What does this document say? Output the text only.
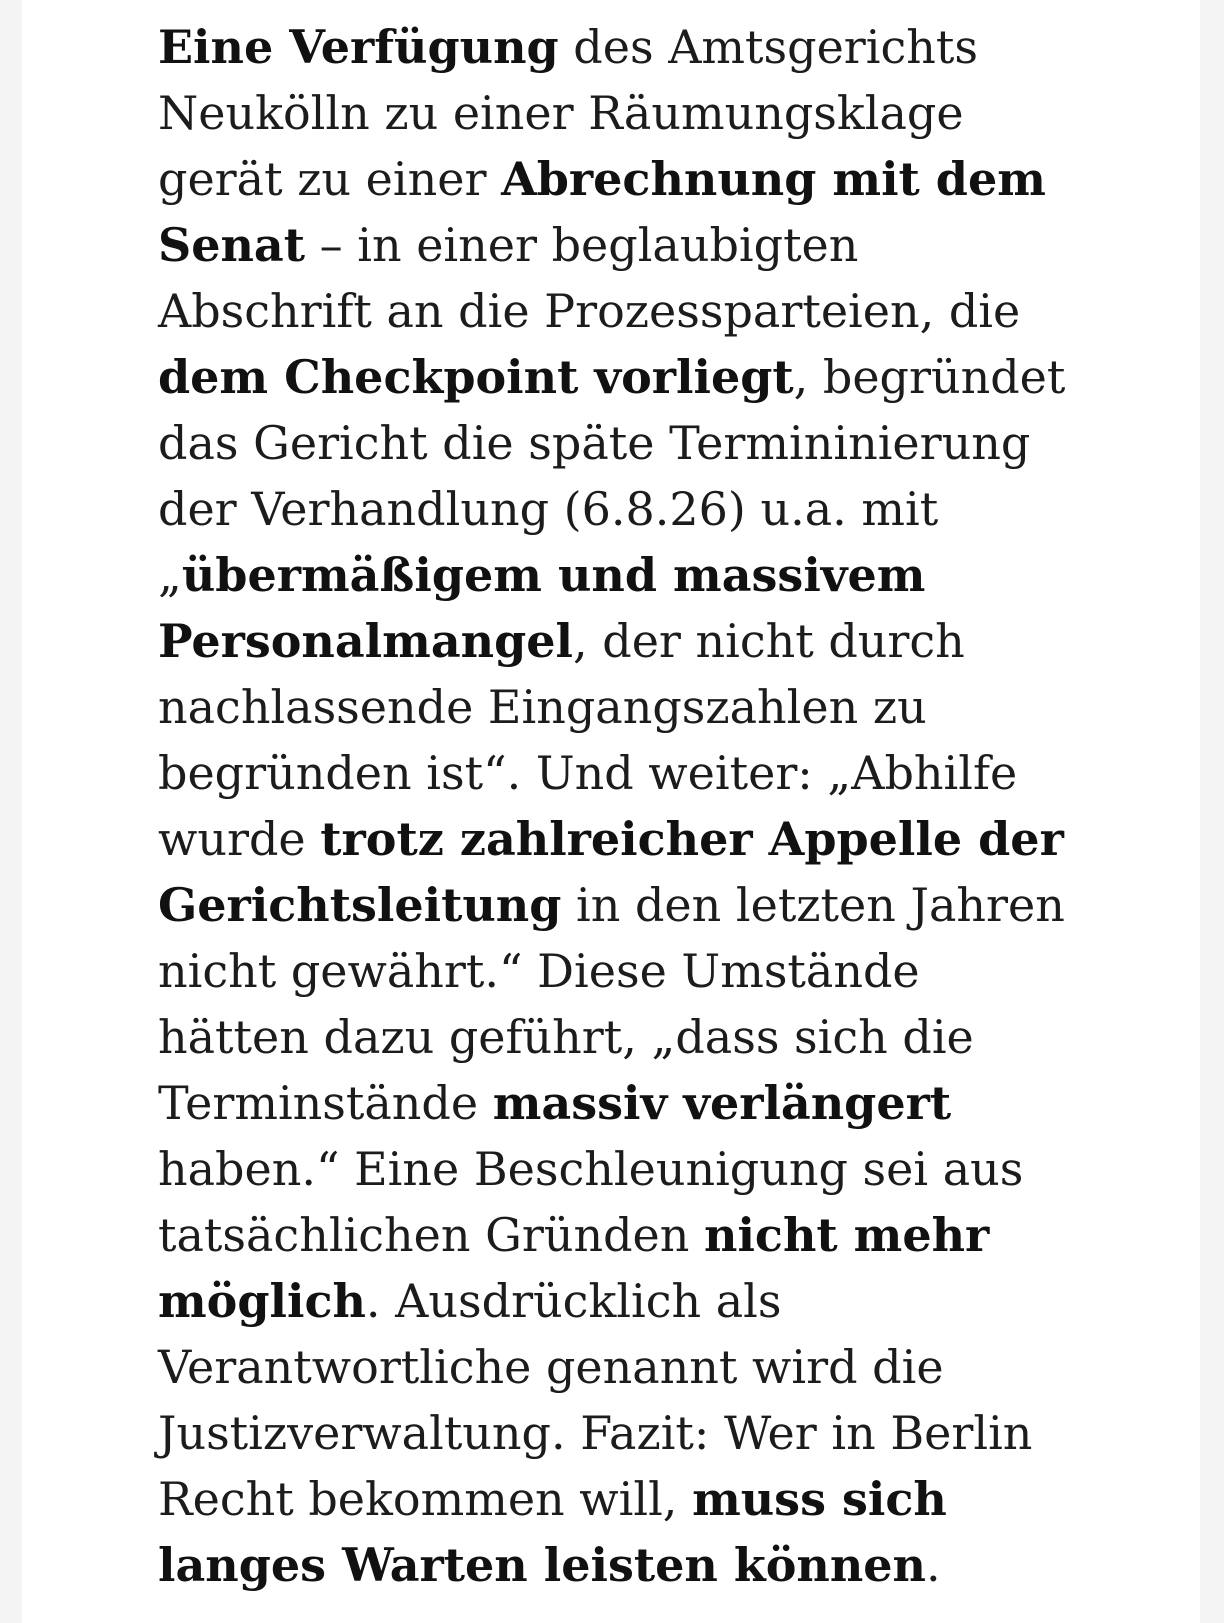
Eine Verfügung des Amtsgerichts Neukölln zu einer Räumungsklage gerät zu einer Abrechnung mit dem Senat – in einer beglaubigten Abschrift an die Prozessparteien, die dem Checkpoint vorliegt, begründet das Gericht die späte Termininierung der Verhandlung (6.8.26) u.a. mit „übermäßigem und massivem Personalmangel, der nicht durch nachlassende Eingangszahlen zu begründen ist“. Und weiter: „Abhilfe wurde trotz zahlreicher Appelle der Gerichtsleitung in den letzten Jahren nicht gewährt.“ Diese Umstände hätten dazu geführt, „dass sich die Terminstände massiv verlängert haben.“ Eine Beschleunigung sei aus tatsächlichen Gründen nicht mehr möglich. Ausdrücklich als Verantwortliche genannt wird die Justizverwaltung. Fazit: Wer in Berlin Recht bekommen will, muss sich langes Warten leisten können.
